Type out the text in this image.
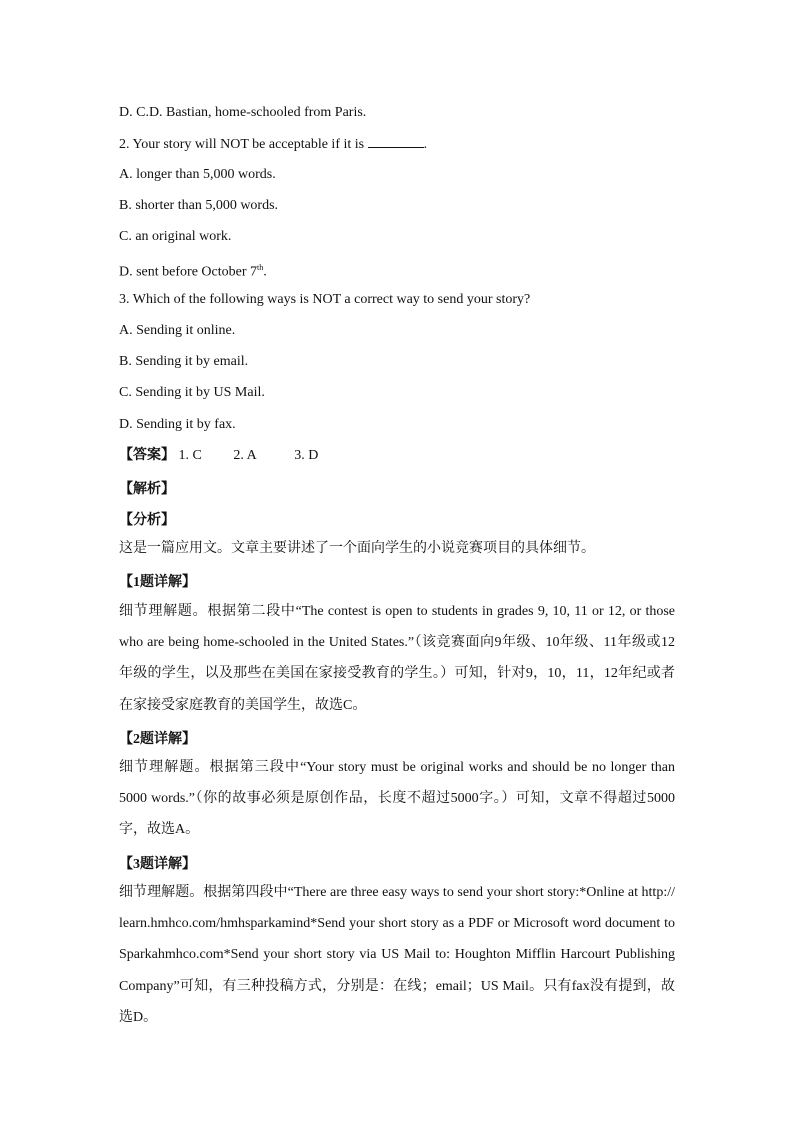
D. C.D. Bastian, home-schooled from Paris.
2. Your story will NOT be acceptable if it is	.
A. longer than 5,000 words.
B. shorter than 5,000 words.
C. an original work.
D. sent before October 7th.
3. Which of the following ways is NOT a correct way to send your story?
A. Sending it online.
B. Sending it by email.
C. Sending it by US Mail.
D. Sending it by fax.
【答案】 1. C 2. A	3. D
【解析】
【分析】
这是一篇应用文。文章主要讲述了一个面向学生的小说竞赛项目的具体细节。
【1题详解】

细节理解题。根据第二段中“The contest is open to students in grades 9, 10, 11 or 12, or those who are being home-schooled in the United States.”（该竞赛面向9年级、10年级、11年级或12年级的学生，以及那些在美国在家接受教育的学生。）可知，针对9，10，11，12年纪或者在家接受家庭教育的美国学生，故选C。

【2题详解】

细节理解题。根据第三段中“Your story must be original works and should be no longer than 5000 words.”（你的故事必须是原创作品，长度不超过5000字。）可知，文章不得超过5000字，故选A。

【3题详解】

细节理解题。根据第四段中“There are three easy ways to send your short story:*Online at http:// learn.hmhco.com/hmhsparkamind*Send your short story as a PDF or Microsoft word document to Sparkahmhco.com*Send your short story via US Mail to: Houghton Mifflin Harcourt Publishing Company”可知，有三种投稿方式，分别是：在线；email；US Mail。只有fax没有提到，故选D。
